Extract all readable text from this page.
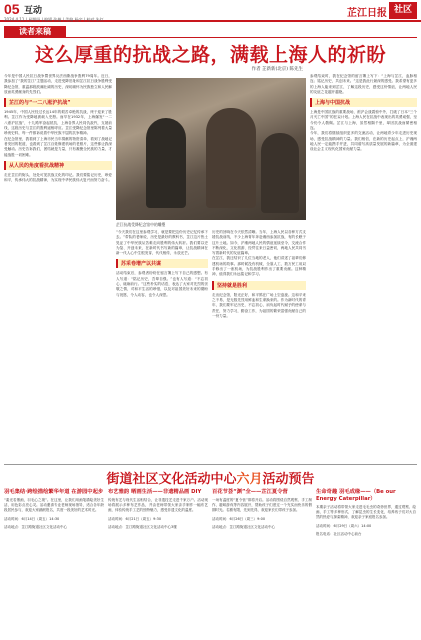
05 互动
2024.4.11 | 星期四 | 编辑 张楠 | 美编 杨宇 | 校对 朱红
芷江日报 社区
读者来稿
这么厚重的抗战之路，满载上海人的祈盼
作者 芷新新(北京) 陈先生

今年是中国人民抗日战争暨世界反法西斯战争胜利79周年。近日，我参加了“我的芷江”主题活动，走进受降旧址和芷江抗日战争胜利受降纪念馆，重温那段波澜壮阔的历史，深切缅怀为民族独立和人民解放而英勇献身的先烈们。

芷江的与“一二八淞沪抗战”

1945年，中国人民经过长达14年的艰苦卓绝的抗战，终于迎来了胜利。芷江作为受降地被载入史册。而早在1932年，上海爆发“一二八淞沪抗战”，十九路军奋起抵抗，上海各界人民同仇敌忾，支援前线，这段历史与芷江的胜利遥相呼应。芷江受降纪念馆里陈列着大量珍贵史料，每一件都诉说着中华民族不屈的抗争精神。

在纪念馆里，我看到了上海市民当年捐献的物资清单，看到了战地记者发回的报道，也看到了芷江百姓修建机场的老照片，这些都让我深受触动。历史告诉我们，团结就是力量，只有凝聚全民族的力量，才能战胜一切困难。

从人民的角度看抗战精神

走在芷江的街头，处处可见抗战文化的印记。我们要铭记历史，珍爱和平，传承伟大的抗战精神，为实现中华民族伟大复兴而努力奋斗。

芷江抗战受降纪念馆中的雕塑

“今天我们在这里参观学习，就是要把这份历史记忆传承下去。”带队的老师说，历史是最好的教科书，芷江这片热土见证了中华民族从苦难走向胜利的伟大转折。我们要以史为鉴、开创未来，在新时代书写新的篇章，让抗战精神在新一代人心中生根发芽，代代相传，永放光芒。

苏采卷增产以共谋

活动结束后，参观者纷纷在留言簿上写下自己的感想。有人写道：“铭记历史，吾辈自强。”也有人写道：“不忘初心，砥砺前行。”这些朴实的话语，表达了大家对先烈的崇敬之情，对和平生活的珍惜，以及对祖国美好未来的期盼与祝愿，令人动容，也令人深思。

历史的回响在今天依然清晰。当年，上海人民以各种方式支援抗战前线，不少上海青年奔赴湘西参加抗战，有的长眠于这片土地。如今，沪湘两地人民的情谊延续至今，交流合作不断深化，文化旅游、经贸往来日益密切，两地人民共同书写着新时代的友谊篇章。

在芷江，我还结识了几位当地的老人，他们讲述了祖辈们修建机场的故事。那时候没有机械，全靠人工，数万民工用双手修出了一座机场，为抗战胜利作出了重要贡献。这种精神，值得我们永远铭记和学习。

坚持就是胜利

走出纪念馆，阳光正好，和平鸽在广场上空盘旋。这和平来之不易，是无数先烈用鲜血和生命换来的。作为新时代的青年，我们要牢记历史，不忘初心，肩负起时代赋予的使命与责任，努力学习，勤奋工作，为祖国的繁荣富强贡献自己的一份力量。

参观结束时，我在纪念馆的留言簿上写下：“上海与芷江，血脉相连；铭记历史，共创未来。”这是我此行最深的感受。我希望有更多的上海人能来到芷江，了解这段历史，感受这份情谊，让两地人民的友谊之花越开越艳。

上海与中国抗战

上海是中国抗战的重要战场，淞沪会战震惊中外，打破了日本“三个月灭亡中国”的狂妄计划。上海人民在抗战中表现出的英勇顽强，至今仍令人敬佩。芷江与上海，虽然相隔千里，却因抗战而紧密相连。

今年，我们将继续组织更多的交流活动，让两地青少年走进历史现场，感受抗战精神的力量。我们相信，在新的历史起点上，沪湘两地人民一定能携手并进，共同谱写高质量发展的新篇章，为全面建设社会主义现代化国家贡献力量。

街道社区文化活动中心六月活动预告
羽毛集结·跨绘描绘繁华年道 在游园中起步
“素光若墨画，羽毛心之境”。在这里，让我们用画笔描绘美好生活，用色彩点亮心灵。活动邀请专业老师现场指导，适合各年龄段居民参与，欢迎大家踊跃报名，共度一段美好的艺术时光。
活动时间：6月14日（周五）14:30
活动地点：芷江路街道社区文化活动中心
布艺雅韵 晒画生活——非遗精品画 DIY
传统布艺与现代生活相结合，让非遗技艺走进千家万户。活动现场将展示多种布艺作品，并由老师带领大家亲手制作一幅布艺画，体验传统手工艺的独特魅力，感受非遗文化的温度。
活动时间：6月21日（周五）9:30
活动地点：芷江路街道社区文化活动中心3楼
百花节荟“渊”全——芷江夏令营
一场有温度的“夏令营”即将开启。活动将围绕自然观察、手工制作、趣味游戏等内容展开，帮助孩子们度过一个充实而快乐的假期时光。名额有限，先到先得，欢迎家长们带孩子参加。
活动时间：6月26日（周三）9:00
活动地点：芷江路街道社区文化活动中心
生命奇趣 羽毛成缘——（Be our Energy Caterpillar）
本期亲子活动将带领大家走进毛毛虫的奇妙世界，通过观察、绘画、手工等多种形式，了解昆虫的生长变化，培养孩子们对大自然的热爱与探索精神，欢迎亲子家庭报名参加。
活动时间：6月29日（周六）14:00
报名电话：社区活动中心前台
